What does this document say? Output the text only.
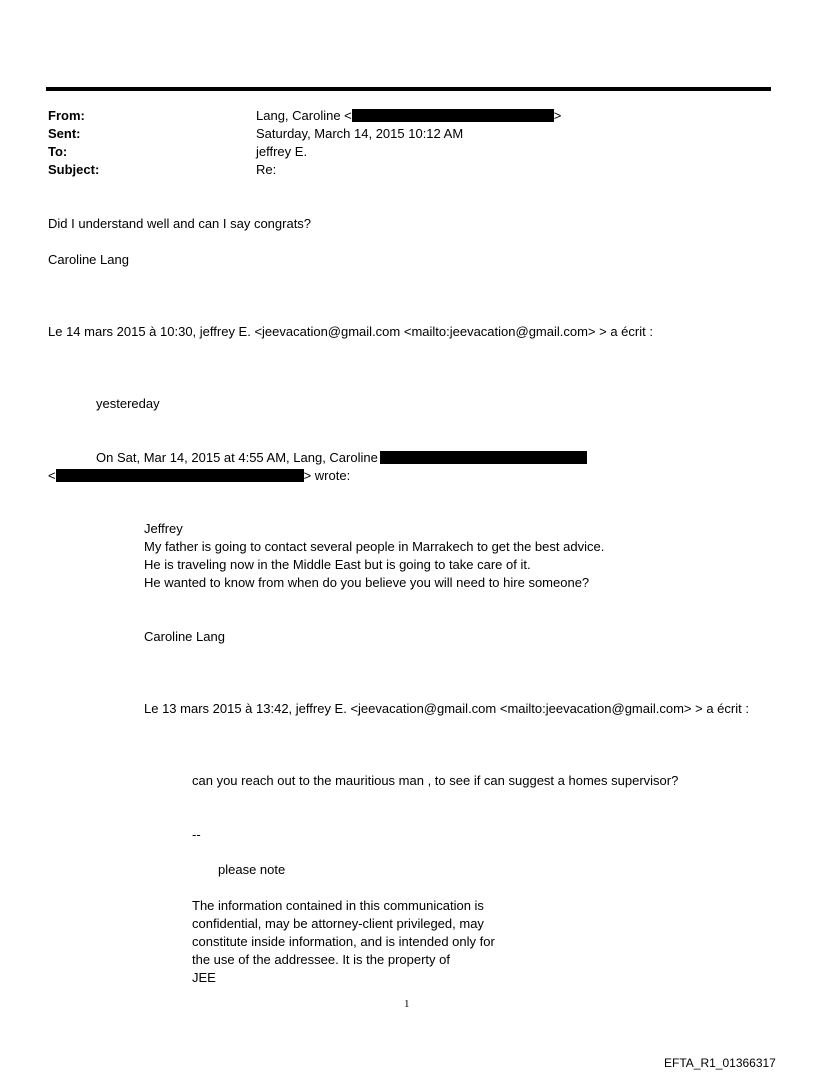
From:	Lang, Caroline <	>
Sent:	Saturday, March 14, 2015 10:12 AM
To:	jeffrey E.
Subject:	Re:
Did I understand well and can I say congrats?
Caroline Lang
Le 14 mars 2015 à 10:30, jeffrey E. <jeevacation@gmail.com <mailto:jeevacation@gmail.com> > a écrit :
yestereday
On Sat, Mar 14, 2015 at 4:55 AM, Lang, Caroline
<	> wrote:
Jeffrey
My father is going to contact several people in Marrakech to get the best advice.
He is traveling now in the Middle East but is going to take care of it.
He wanted to know from when do you believe you will need to hire someone?
Caroline Lang
Le 13 mars 2015 à 13:42, jeffrey E. <jeevacation@gmail.com <mailto:jeevacation@gmail.com> > a écrit :
can you reach out to the mauritious man , to see if can suggest a homes supervisor?
--
please note
The information contained in this communication is
confidential, may be attorney-client privileged, may
constitute inside information, and is intended only for
the use of the addressee. It is the property of
JEE
1
EFTA_R1_01366317
